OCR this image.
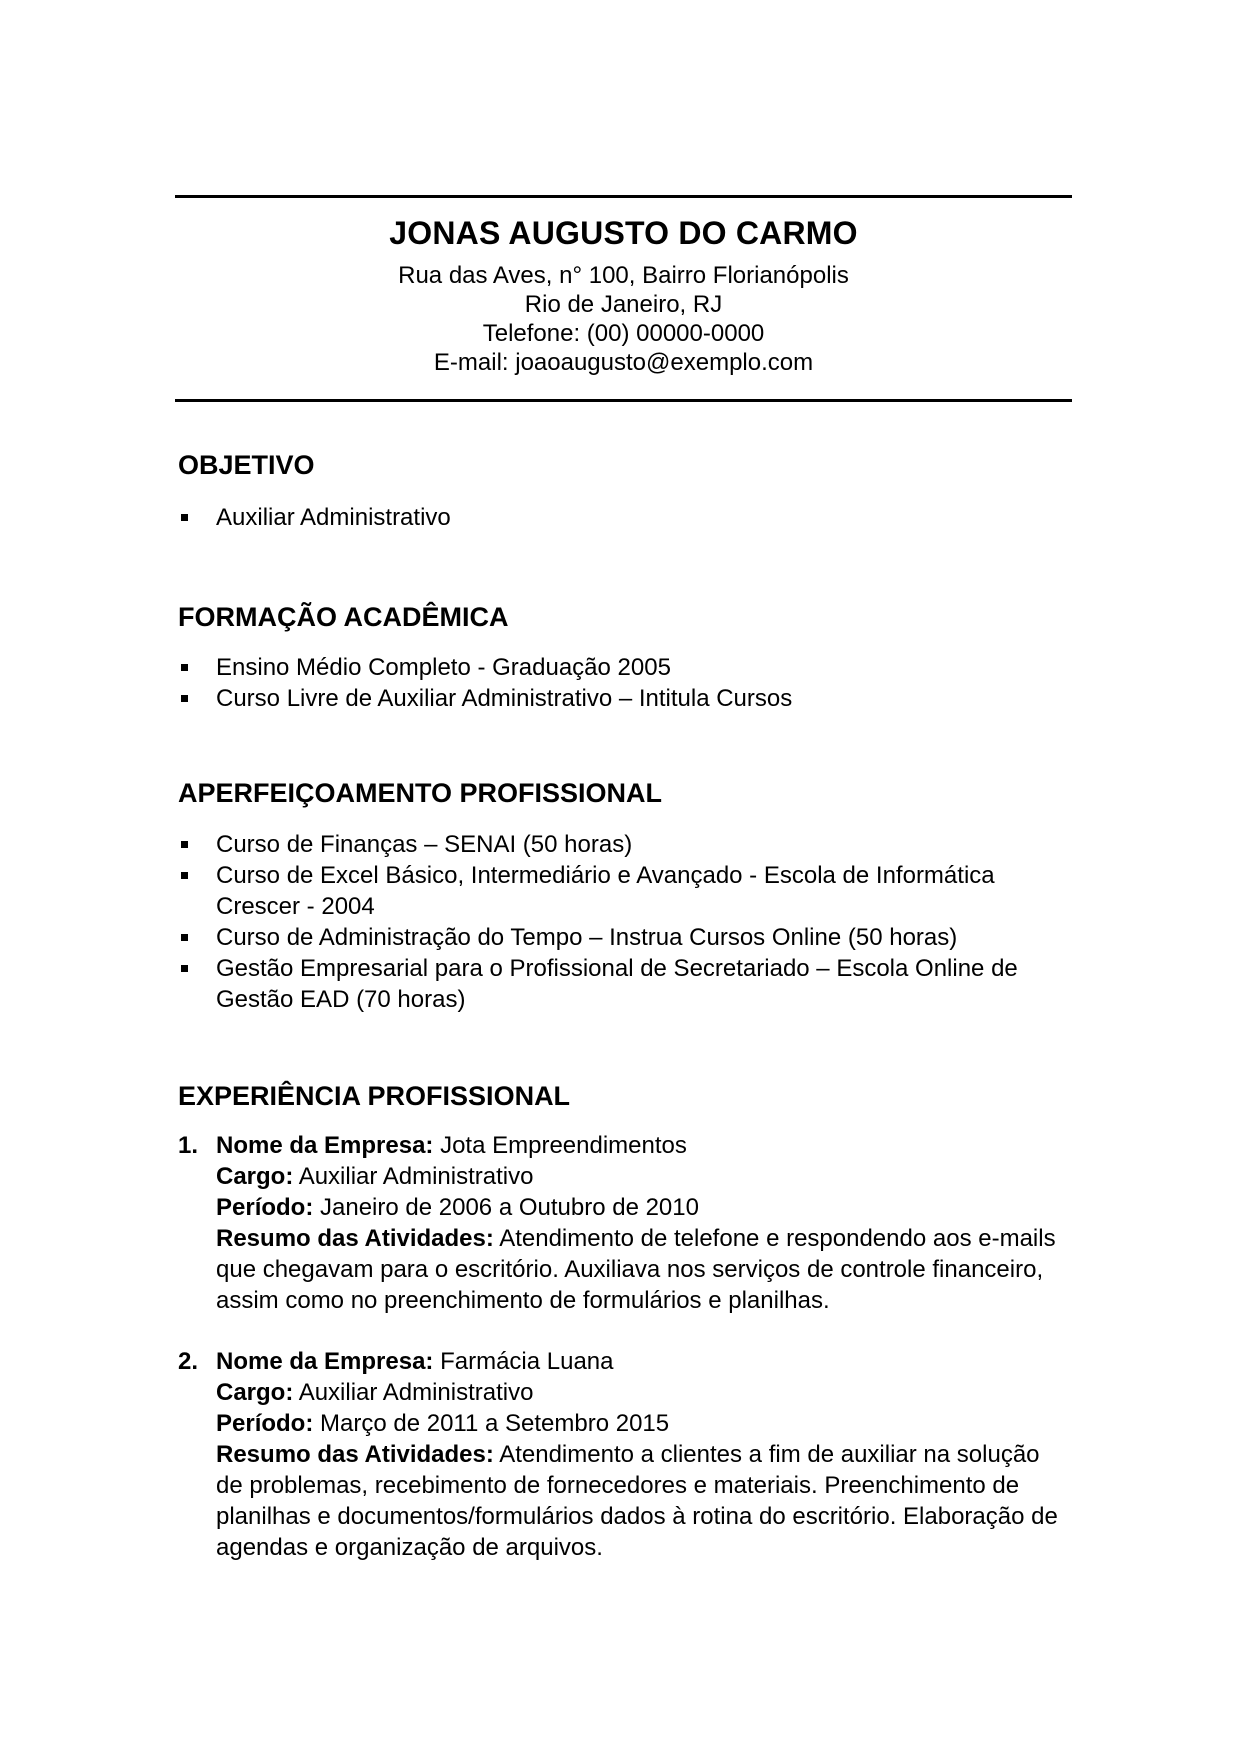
JONAS AUGUSTO DO CARMO
Rua das Aves, n° 100, Bairro Florianópolis
Rio de Janeiro, RJ
Telefone: (00) 00000-0000
E-mail: joaoaugusto@exemplo.com
OBJETIVO
Auxiliar Administrativo
FORMAÇÃO ACADÊMICA
Ensino Médio Completo - Graduação 2005
Curso Livre de Auxiliar Administrativo – Intitula Cursos
APERFEIÇOAMENTO PROFISSIONAL
Curso de Finanças – SENAI (50 horas)
Curso de Excel Básico, Intermediário e Avançado - Escola de Informática Crescer - 2004
Curso de Administração do Tempo – Instrua Cursos Online (50 horas)
Gestão Empresarial para o Profissional de Secretariado – Escola Online de Gestão EAD (70 horas)
EXPERIÊNCIA PROFISSIONAL
1. Nome da Empresa: Jota Empreendimentos
Cargo: Auxiliar Administrativo
Período: Janeiro de 2006 a Outubro de 2010
Resumo das Atividades: Atendimento de telefone e respondendo aos e-mails que chegavam para o escritório. Auxiliava nos serviços de controle financeiro, assim como no preenchimento de formulários e planilhas.
2. Nome da Empresa: Farmácia Luana
Cargo: Auxiliar Administrativo
Período: Março de 2011 a Setembro 2015
Resumo das Atividades: Atendimento a clientes a fim de auxiliar na solução de problemas, recebimento de fornecedores e materiais. Preenchimento de planilhas e documentos/formulários dados à rotina do escritório. Elaboração de agendas e organização de arquivos.
